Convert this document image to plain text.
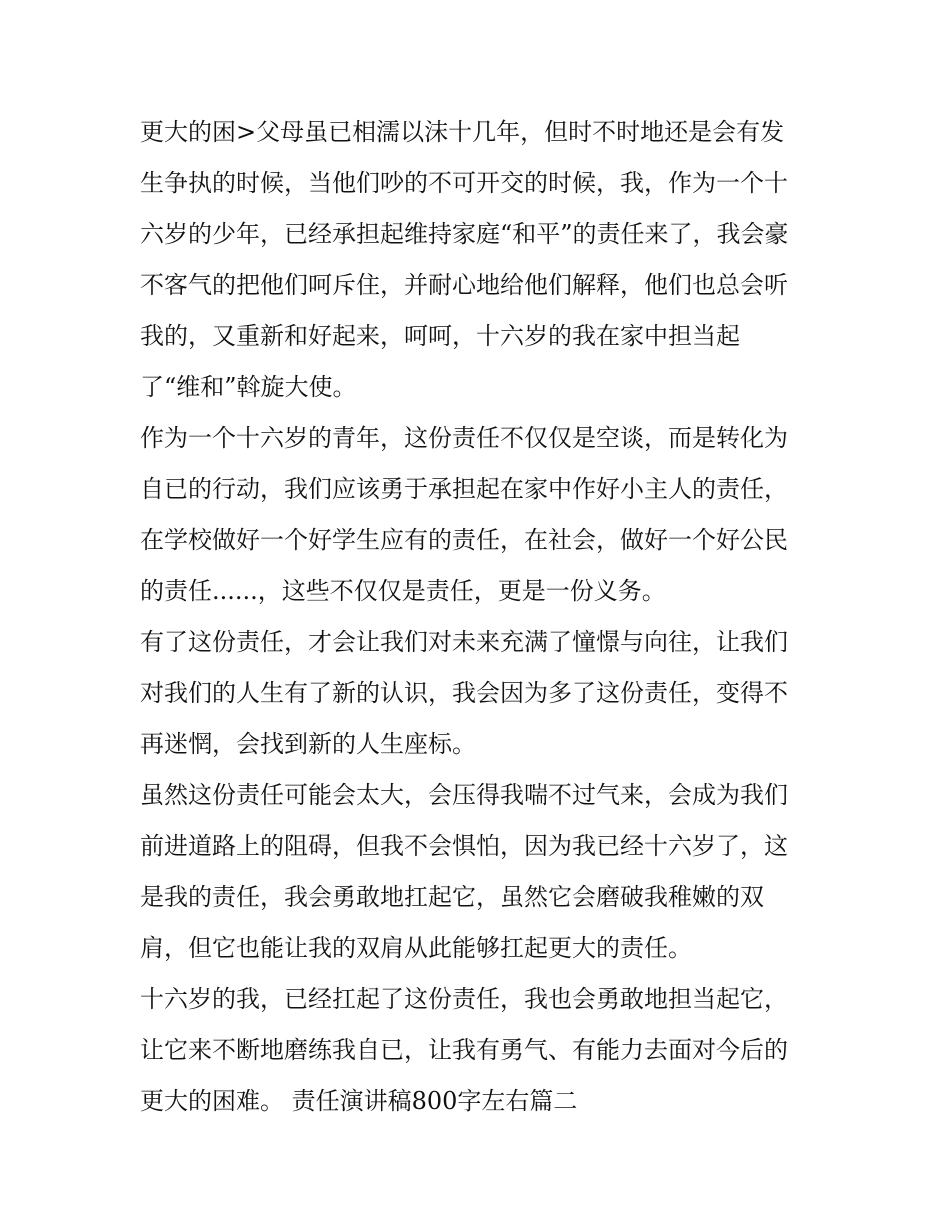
更大的困>父母虽已相濡以沫十几年，但时不时地还是会有发
生争执的时候，当他们吵的不可开交的时候，我，作为一个十
六岁的少年，已经承担起维持家庭“和平”的责任来了，我会豪
不客气的把他们呵斥住，并耐心地给他们解释，他们也总会听
我的，又重新和好起来，呵呵，十六岁的我在家中担当起
了“维和”斡旋大使。
作为一个十六岁的青年，这份责任不仅仅是空谈，而是转化为
自已的行动，我们应该勇于承担起在家中作好小主人的责任，
在学校做好一个好学生应有的责任，在社会，做好一个好公民
的责任......，这些不仅仅是责任，更是一份义务。
有了这份责任，才会让我们对未来充满了憧憬与向往，让我们
对我们的人生有了新的认识，我会因为多了这份责任，变得不
再迷惘，会找到新的人生座标。
虽然这份责任可能会太大，会压得我喘不过气来，会成为我们
前进道路上的阻碍，但我不会惧怕，因为我已经十六岁了，这
是我的责任，我会勇敢地扛起它，虽然它会磨破我稚嫩的双
肩，但它也能让我的双肩从此能够扛起更大的责任。
十六岁的我，已经扛起了这份责任，我也会勇敢地担当起它，
让它来不断地磨练我自已，让我有勇气、有能力去面对今后的
更大的困难。 责任演讲稿800字左右篇二
